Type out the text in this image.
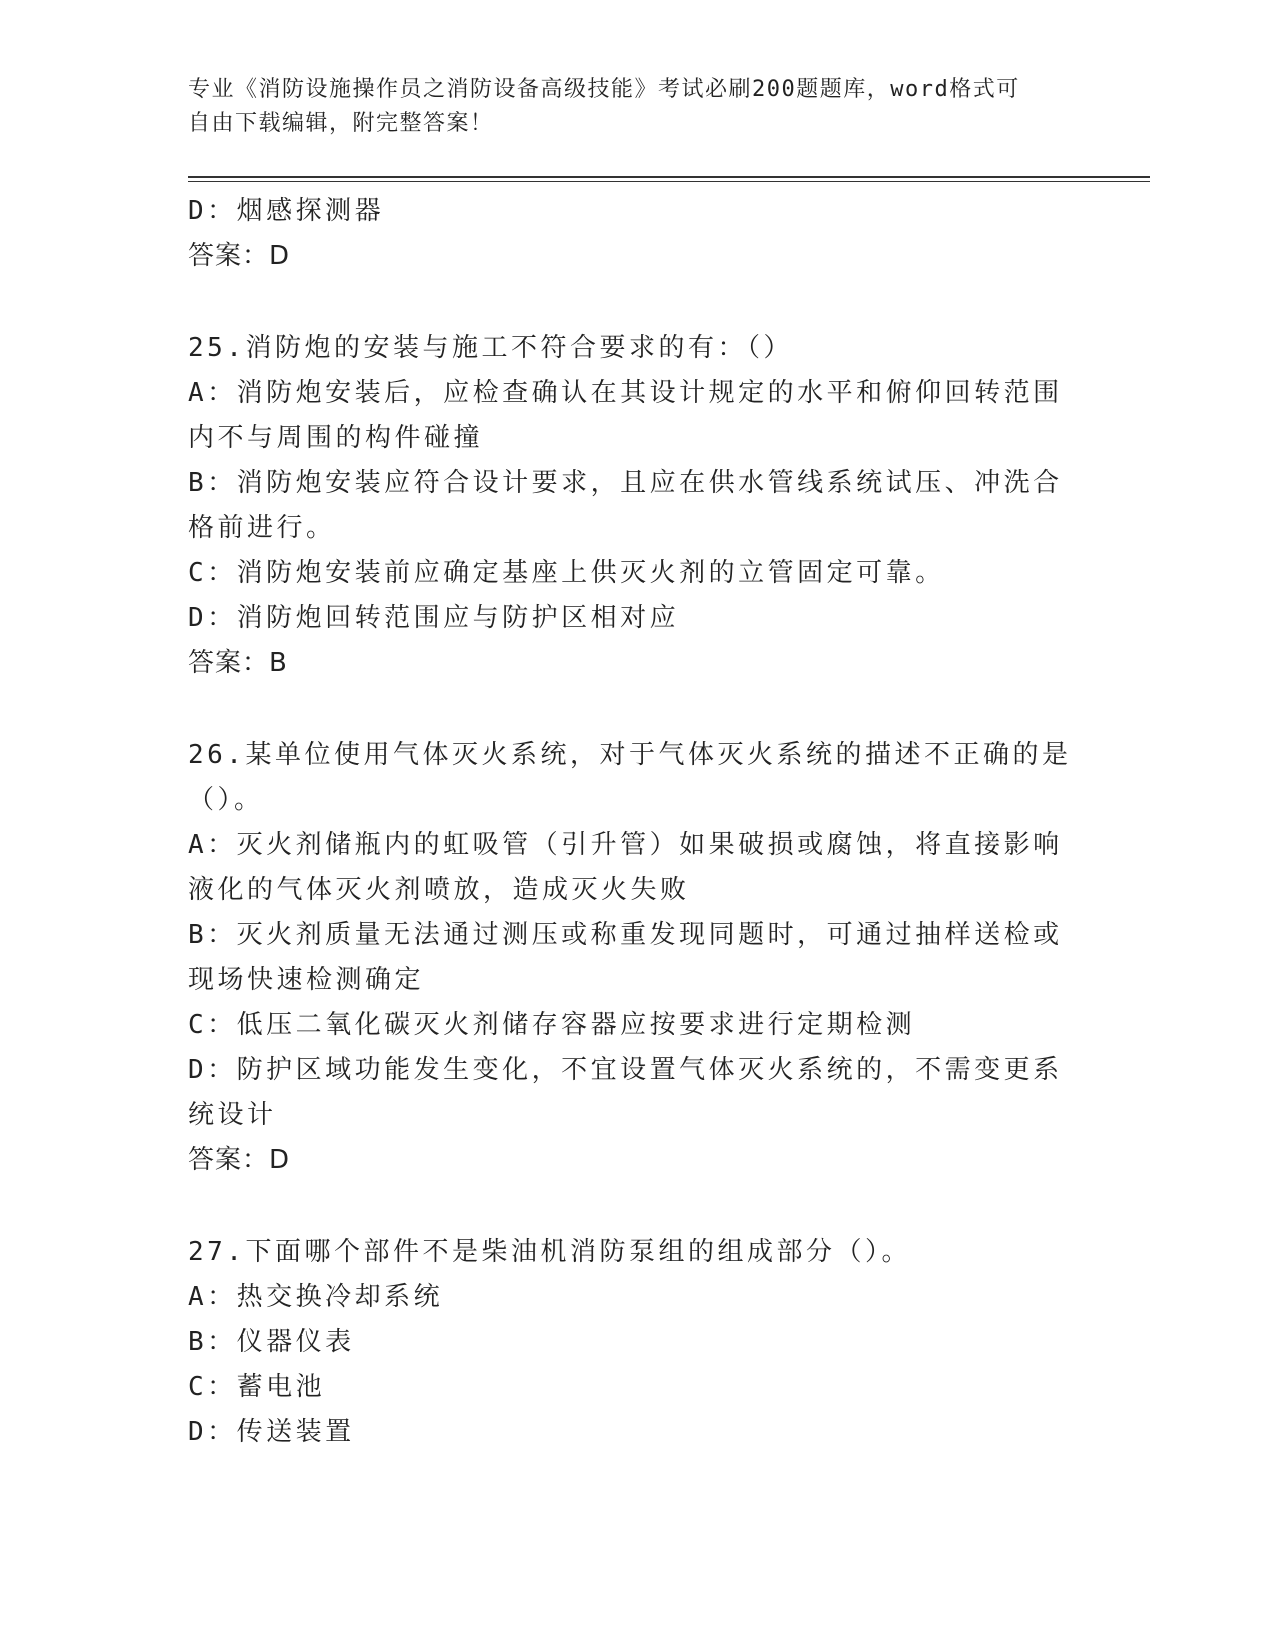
专业《消防设施操作员之消防设备高级技能》考试必刷200题题库，word格式可
自由下载编辑，附完整答案！
D：烟感探测器
答案：D
25.消防炮的安装与施工不符合要求的有：（）
A：消防炮安装后，应检查确认在其设计规定的水平和俯仰回转范围内不与周围的构件碰撞
B：消防炮安装应符合设计要求，且应在供水管线系统试压、冲洗合格前进行。
C：消防炮安装前应确定基座上供灭火剂的立管固定可靠。
D：消防炮回转范围应与防护区相对应
答案：B
26.某单位使用气体灭火系统，对于气体灭火系统的描述不正确的是（）。
A：灭火剂储瓶内的虹吸管（引升管）如果破损或腐蚀，将直接影响液化的气体灭火剂喷放，造成灭火失败
B：灭火剂质量无法通过测压或称重发现同题时，可通过抽样送检或现场快速检测确定
C：低压二氧化碳灭火剂储存容器应按要求进行定期检测
D：防护区域功能发生变化，不宜设置气体灭火系统的，不需变更系统设计
答案：D
27.下面哪个部件不是柴油机消防泵组的组成部分（）。
A：热交换冷却系统
B：仪器仪表
C：蓄电池
D：传送装置
